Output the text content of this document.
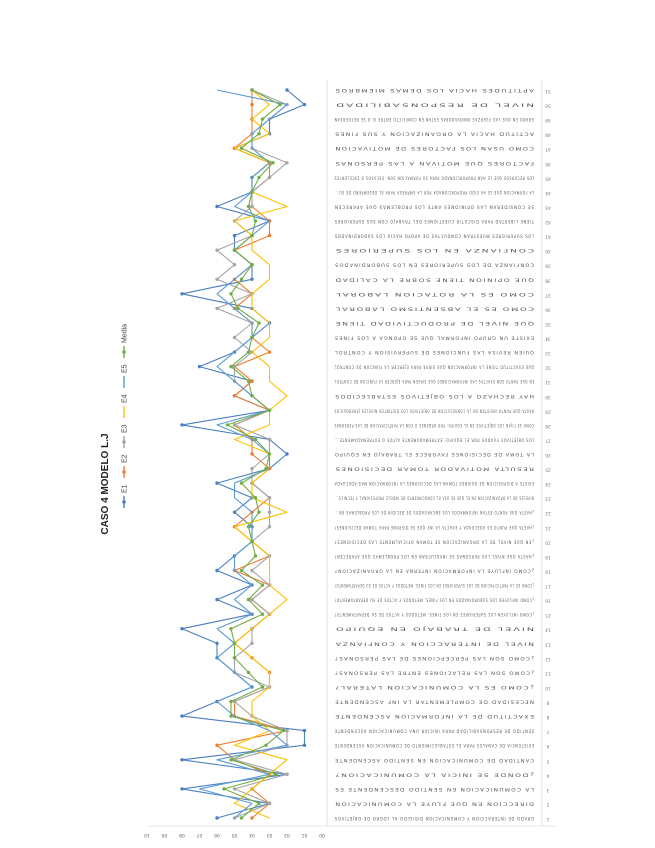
E1
E2
E3
E4
E5
Media
1
GRADO DE INTERACCION Y COMUNICACION DIRIGIDO AL LOGRO DE OBJETIVOS
2
DIRECCION EN QUE FLUYE LA COMUNICACION
3
LA COMUNICACION EN SENTIDO DESCENDENTE ES
4
¿DONDE SE INICIA LA COMUNICACION?
5
CANTIDAD DE COMUNICACION EN SENTIDO ASCENDENTE
6
EXISTENCIA DE CANALES PARA EL ESTABLECIMIENTO DE COMUNICACION ASCENDENTE
7
SENTIDO DE RESPONSABILIDAD PARA INICIAR UNA COMUNICACION ASCENDENTE
8
EXACTITUD DE LA INFORMACION ASCENDENTE
9
NECESIDAD DE COMPLEMENTAR LA INF ASCENDENTE
10
¿COMO ES LA COMUNICACION LATERAL?
11
¿COMO SON LAS RELACIONES ENTRE LAS PERSONAS?
12
¿COMO SON LAS PERCEPCIONES DE LAS PERSONAS?
13
NIVEL DE INTERACCION Y CONFIANZA
14
NIVEL DE TRABAJO EN EQUIPO
15
¿COMO INFLUYEN LOS SUPERIORES EN LOS FINES, METODOS Y ACTOS DE SU DEPARTAMENTO?
16
¿COMO INFLUYEN LOS SUBORDINADOS EN LOS FINES, METODOS Y ACTOS DE SU DEPARTAMENTO?
17
¿COMO ES LA PARTICIPACION DE LOS SUPERIORES EN LOS FINES, METODOS Y ACTOS DE SU DEPARTAMENTO?
18
¿COMO INFLUYE LA INFORMACION INTERNA EN LA ORGANIZACION?
19
¿HASTA QUE NIVEL LAS PERSONAS SE INVOLUCRAN EN LOS PROBLEMAS QUE APARECEN?
20
¿EN QUE NIVEL DE LA ORGANIZACION SE TOMAN OFICIALMENTE LAS DECISIONES?
21
¿HASTA QUE PUNTO ES ADECUADA Y EXACTA LA INF QUE SE DISPONE PARA TOMAR DECISIONES?
22
¿HASTA QUE PUNTO ESTAN INFORMADOS LOS ENCARGADOS DE DECIDIR DE LOS PROBLEMAS EN...
23
NIVELES DE LA ORGANIZACION EN EL QUE SE USA EL CONOCIMIENTO DE INDOLE PROFESIONAL Y TECNICO...
24
EXISTE A DISPOSICION DE QUIENES TOMAN LAS DECISIONES LA INFORMACION MAS ADECUADA
25
RESULTA MOTIVADOR TOMAR DECISIONES
26
LA TOMA DE DECISIONES FAVORECE EL TRABAJO EN EQUIPO
27
LOS OBJETIVOS FIJADOS POR EL EQUIPO: EXTREMADAMENTE ALTOS O EXTREMADAMENTE...
28
COMO SE FIJAN LOS OBJETIVOS EN EL EQUIPO: POR ORDENES O CON LA PARTICIPACION DE LAS PERSONAS
29
HASTA QUE PUNTO INSISTEN EN LA CONSECUCION DE OBJETIVOS LOS DISTINTOS NIVELES JERARQUICOS
30
HAY RECHAZO A LOS OBJETIVOS ESTABLECIDOS
31
EN QUE PUNTO SON EXACTAS LAS INFORMACIONES QUE SIRVEN PARA EJERCER LA FUNCION DE CONTROL
32
QUE EXACTITUD TIENE LA INFORMACION QUE SIRVE PARA EJERCER LA FUNCION DE CONTROL
33
QUIEN REVISA LAS FUNCIONES DE SUPERVISION Y CONTROL
34
EXISTE UN GRUPO INFORMAL QUE SE OPONGA A LOS FINES
35
QUE NIVEL DE PRODUCTIVIDAD TIENE
36
COMO ES EL ABSENTISMO LABORAL
37
COMO ES LA ROTACION LABORAL
38
QUE OPINION TIENE SOBRE LA CALIDAD
39
CONFIANZA DE LOS SUPERIORES EN LOS SUBORDINADOS
40
CONFIANZA EN LOS SUPERIORES
41
LOS SUPERIORES MUESTRAN CONDUCTAS DE APOYO HACIA LOS SUBORDINADOS
42
TIENE LIBERTAD PARA DISCUTIR CUESTIONES DEL TRABAJO CON SUS SUPERIORES
43
SE CONSIDERAN LAS OPINIONES ANTE LOS PROBLEMAS QUE APARECEN
44
LA FORMACION QUE LE HA SIDO PROPORCIONADA POR LA EMPRESA PARA EL DESEMPEÑO DE SU...
45
LOS RECURSOS QUE LE HAN PROPORCIONADO PARA SU FORMACION SON: ESCASOS O EXCELENTES
46
FACTORES QUE MOTIVAN A LAS PERSONAS
47
COMO USAN LOS FACTORES DE MOTIVACION
48
ACTITUD HACIA LA ORGANIZACION Y SUS FINES
49
GRADO EN QUE LAS FUERZAS INNOVADORAS ESTAN EN CONFLICTO ENTRE SI O SE REFUERZAN
50
NIVEL DE RESPONSABILIDAD
51
APTITUDES HACIA LOS DEMAS MIEMBROS
00
01
02
03
04
05
06
07
08
09
10
CASO 4 MODELO L.J
